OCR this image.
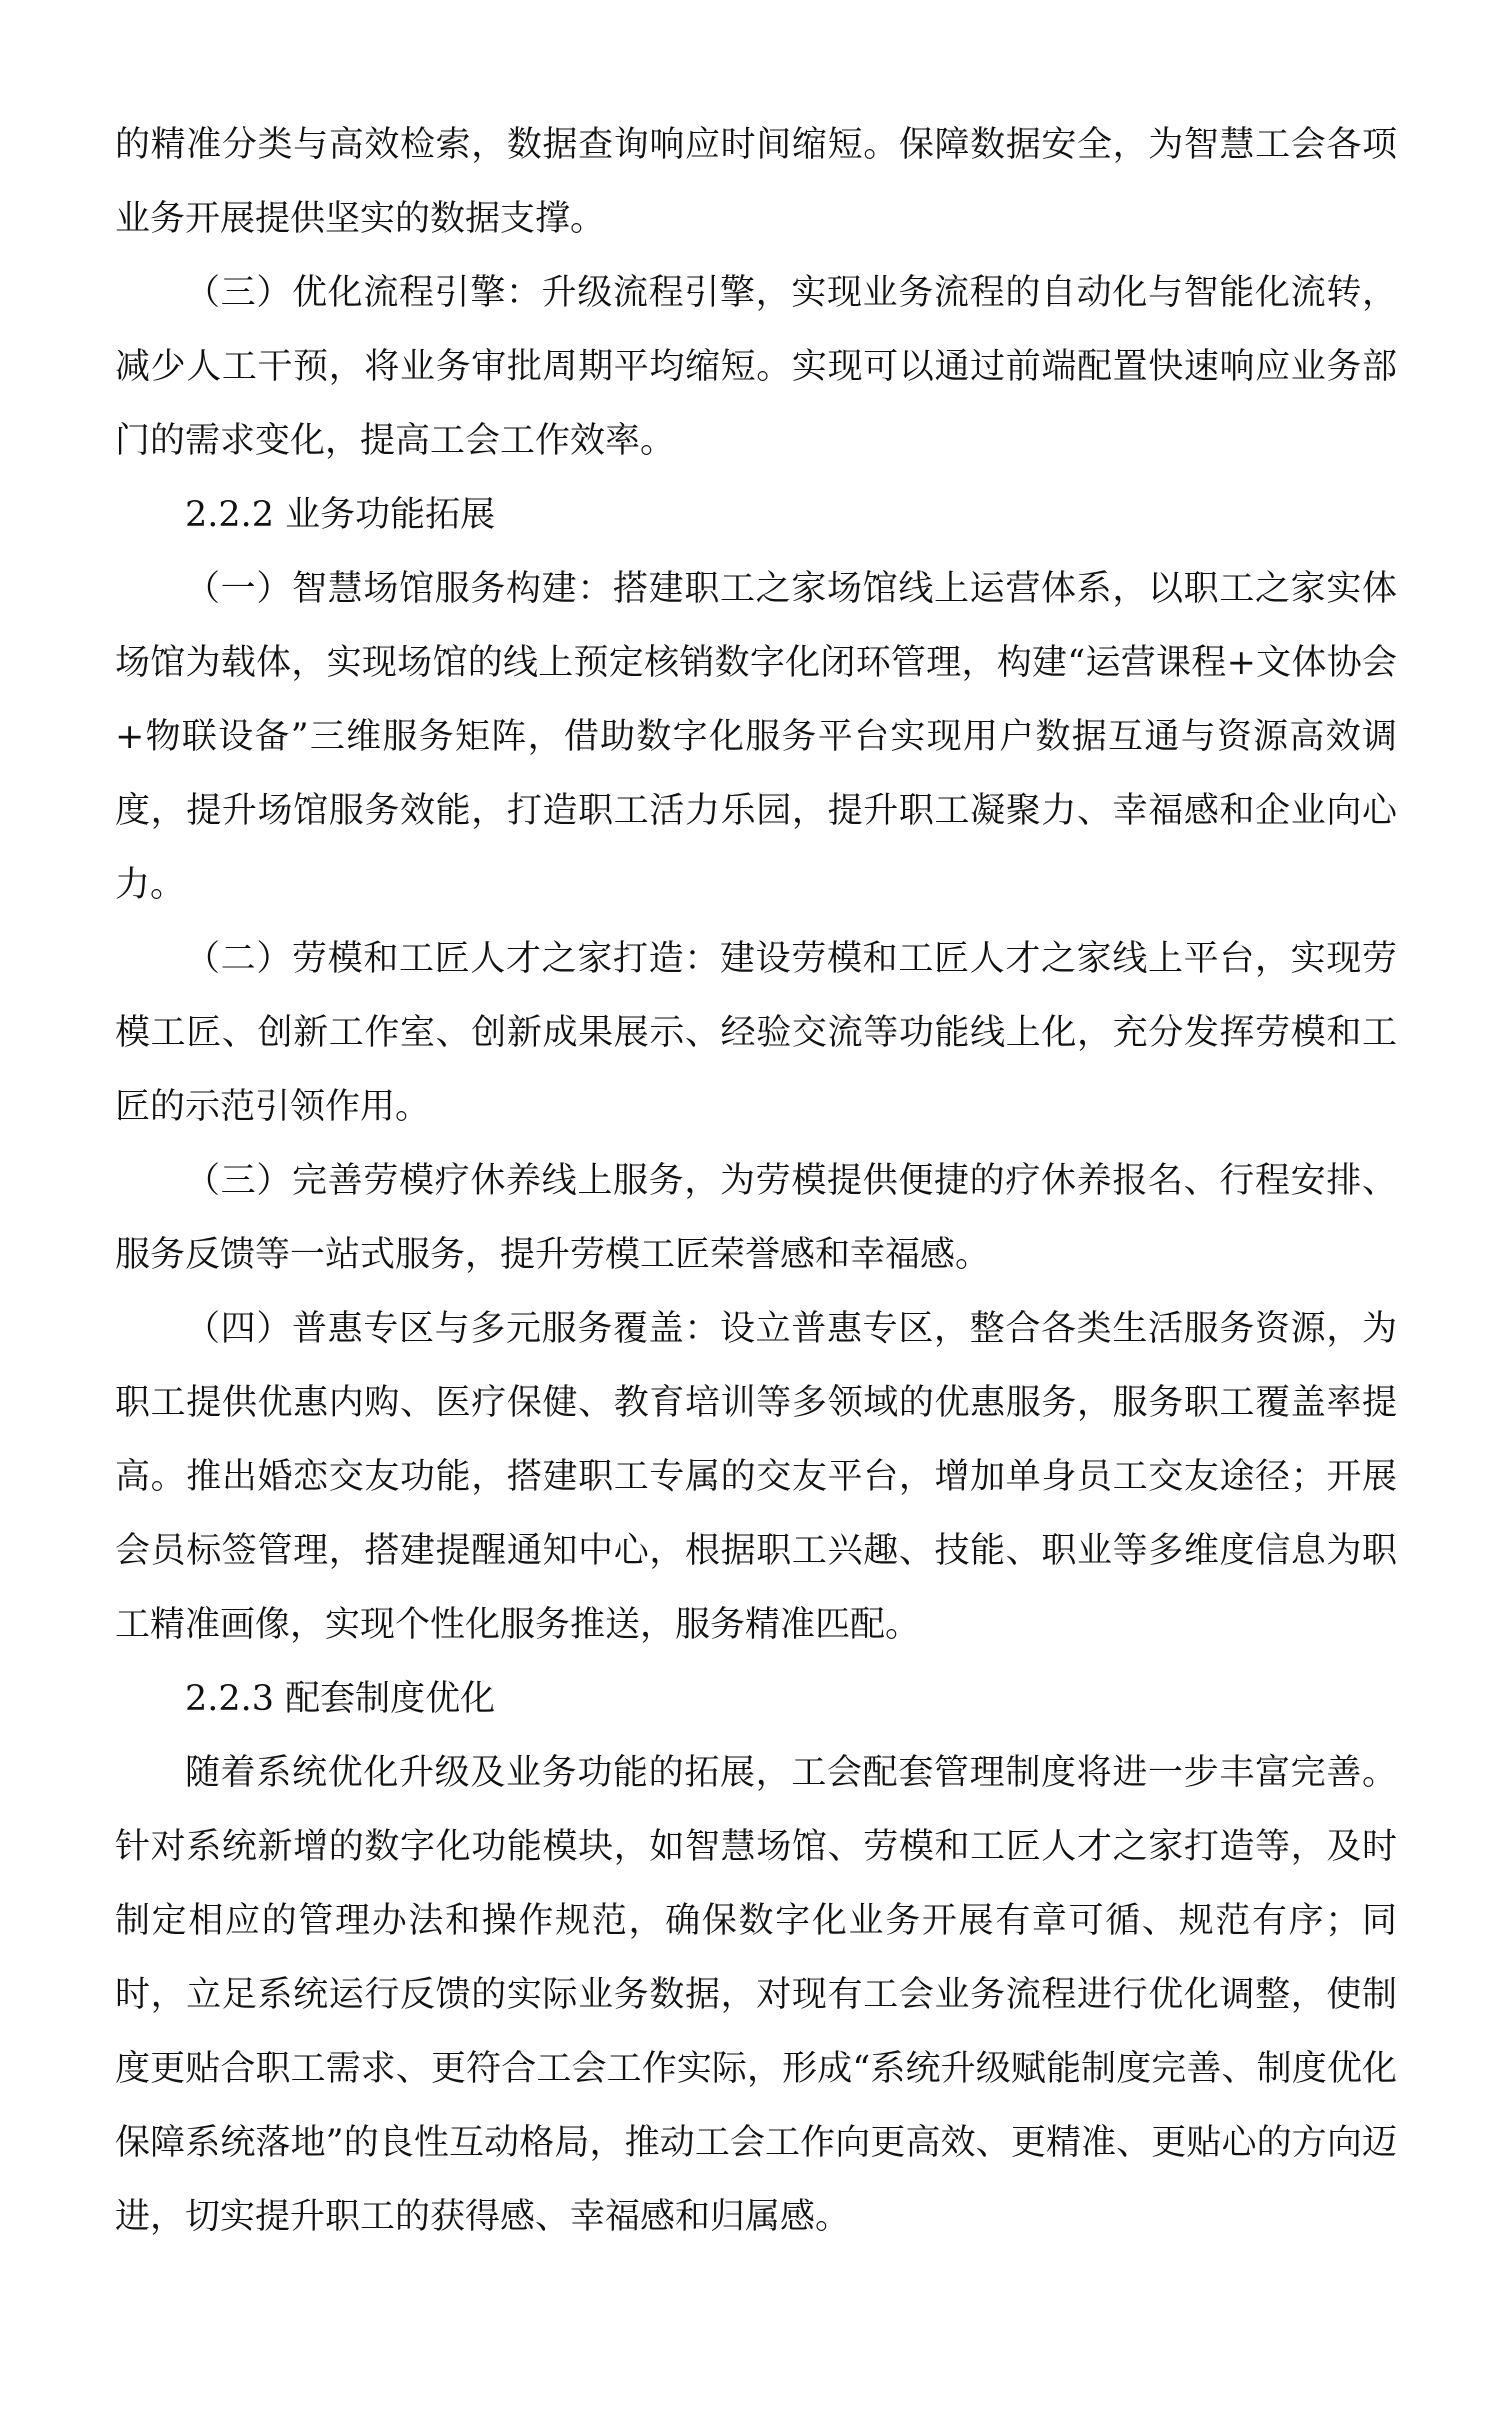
的精准分类与高效检索，数据查询响应时间缩短。保障数据安全，为智慧工会各项业务开展提供坚实的数据支撑。

（三）优化流程引擎：升级流程引擎，实现业务流程的自动化与智能化流转，减少人工干预，将业务审批周期平均缩短。实现可以通过前端配置快速响应业务部门的需求变化，提高工会工作效率。

2.2.2 业务功能拓展

（一）智慧场馆服务构建：搭建职工之家场馆线上运营体系，以职工之家实体场馆为载体，实现场馆的线上预定核销数字化闭环管理，构建“运营课程+文体协会+物联设备”三维服务矩阵，借助数字化服务平台实现用户数据互通与资源高效调度，提升场馆服务效能，打造职工活力乐园，提升职工凝聚力、幸福感和企业向心力。

（二）劳模和工匠人才之家打造：建设劳模和工匠人才之家线上平台，实现劳模工匠、创新工作室、创新成果展示、经验交流等功能线上化，充分发挥劳模和工匠的示范引领作用。

（三）完善劳模疗休养线上服务，为劳模提供便捷的疗休养报名、行程安排、服务反馈等一站式服务，提升劳模工匠荣誉感和幸福感。

（四）普惠专区与多元服务覆盖：设立普惠专区，整合各类生活服务资源，为职工提供优惠内购、医疗保健、教育培训等多领域的优惠服务，服务职工覆盖率提高。推出婚恋交友功能，搭建职工专属的交友平台，增加单身员工交友途径；开展会员标签管理，搭建提醒通知中心，根据职工兴趣、技能、职业等多维度信息为职工精准画像，实现个性化服务推送，服务精准匹配。

2.2.3 配套制度优化

随着系统优化升级及业务功能的拓展，工会配套管理制度将进一步丰富完善。针对系统新增的数字化功能模块，如智慧场馆、劳模和工匠人才之家打造等，及时制定相应的管理办法和操作规范，确保数字化业务开展有章可循、规范有序；同时，立足系统运行反馈的实际业务数据，对现有工会业务流程进行优化调整，使制度更贴合职工需求、更符合工会工作实际，形成“系统升级赋能制度完善、制度优化保障系统落地”的良性互动格局，推动工会工作向更高效、更精准、更贴心的方向迈进，切实提升职工的获得感、幸福感和归属感。
